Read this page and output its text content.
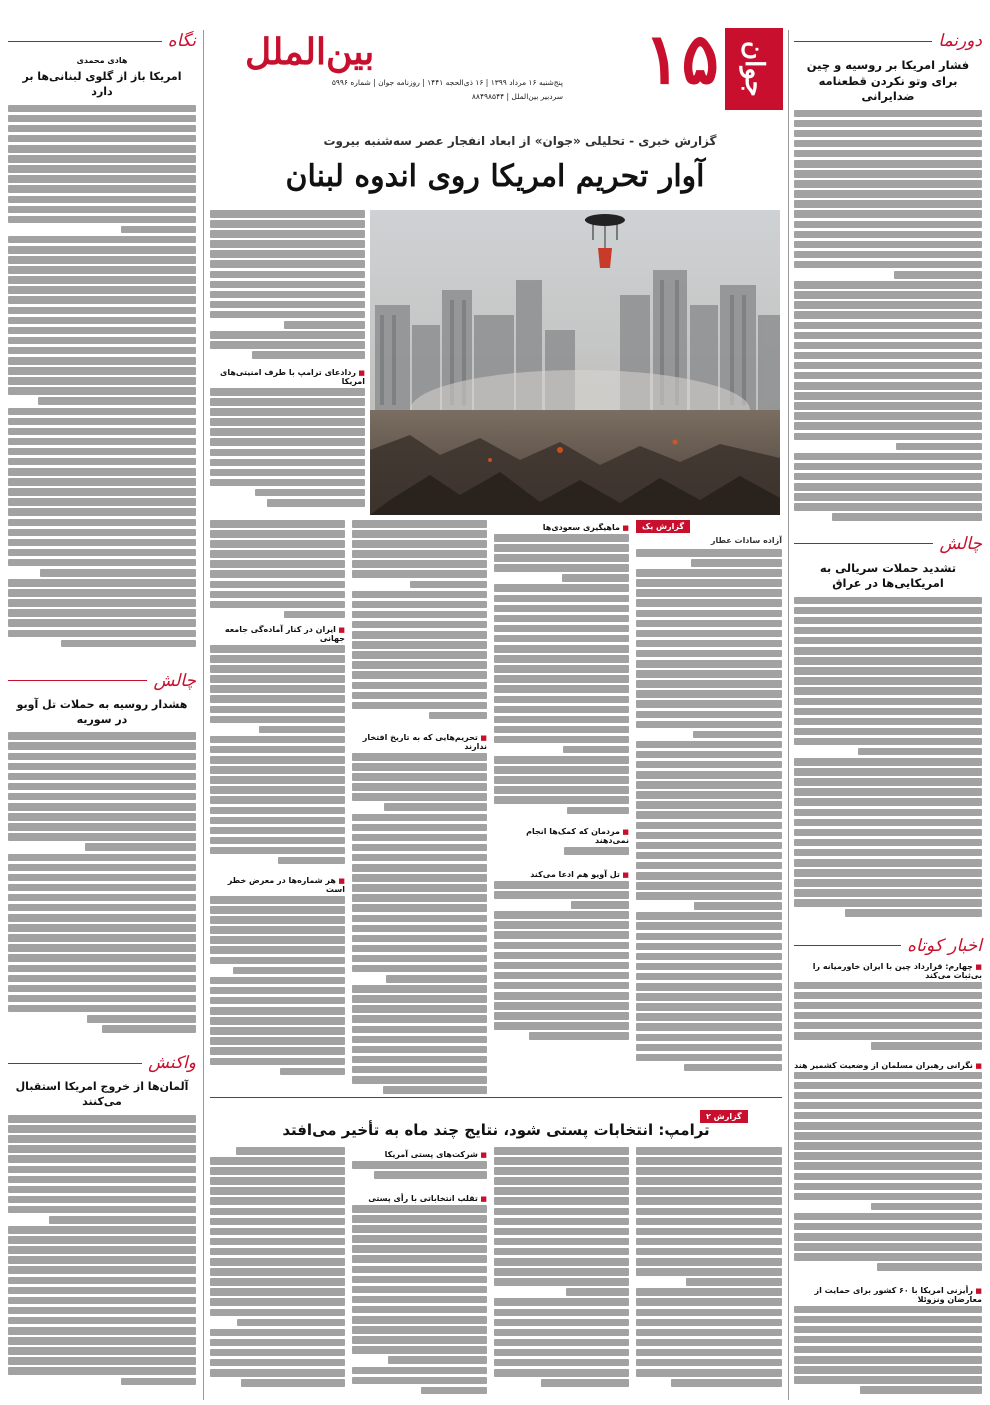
دورنما
فشار امریکا بر روسیه و چین برای وتو نکردن قطعنامه ضدایرانی
چالش
تشدید حملات سریالی به امریکایی‌ها در عراق
اخبار کوتاه
■ چهارم: قرارداد چین با ایران خاورمیانه را بی‌ثبات می‌کند
■ نگرانی رهبران مسلمان از وضعیت کشمیر هند
■ رأیزنی امریکا با ۶۰ کشور برای حمایت از معارضان ونزوئلا
جوان
۱۵
بین‌الملل
پنج‌شنبه ۱۶ مرداد ۱۳۹۹ | ۱۶ ذی‌الحجه ۱۴۴۱ | روزنامه جوان | شماره ۵۹۹۶
سردبیر بین‌الملل | ۸۸۴۹۸۵۴۴
گزارش خبری - تحلیلی «جوان» از ابعاد انفجار عصر سه‌شنبه بیروت
آوار تحریم امریکا روی اندوه لبنان
■ ردادعای ترامپ با طرف امنیتی‌های امریکا
■ ایران در کنار آماده‌گی جامعه جهانی
■ هر شماره‌‌ها در معرض خطر است
■ تحریم‌هایی که به تاریخ افتخار ندارند
■ ماهیگیری سعودی‌ها
■ مردمان که کمک‌ها انجام نمی‌دهند
■ تل آویو هم ادعا می‌کند
گزارش یک
آزاده سادات عطار
گزارش ۲
ترامپ: انتخابات پستی شود، نتایج چند ماه به تأخیر می‌افتد
■ شرکت‌های پستی آمریکا
■ تقلب انتخاباتی با رأی پستی
نگاه
هادی محمدی
امریکا باز از گلوی لبنانی‌ها بر دارد
چالش
هشدار روسیه به حملات تل آویو در سوریه
واکنش
آلمان‌ها از خروج امریکا استقبال می‌کنند
